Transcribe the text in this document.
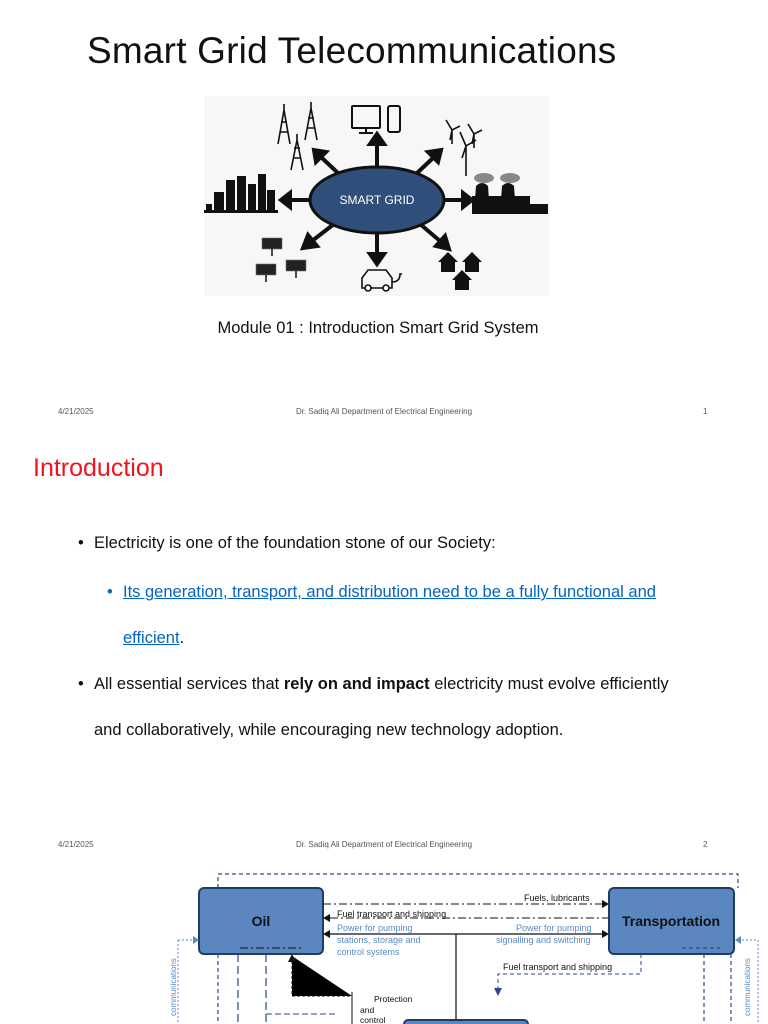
Smart Grid Telecommunications
SMART GRID
Module 01 : Introduction Smart Grid System
4/21/2025	Dr. Sadiq Ali Department of Electrical Engineering	1
Introduction
• Electricity is one of the foundation stone of our Society:
• Its generation, transport, and distribution need to be a fully functional and
efficient.
• All essential services that rely on and impact electricity must evolve efficiently
and collaboratively, while encouraging new technology adoption.
4/21/2025	Dr. Sadiq Ali Department of Electrical Engineering	2
Oil	Transportation
Fuels, lubricants
Fuel transport and shipping
Power for pumping
stations, storage and
control systems
Power for pumping
signalling and switching
Fuel transport and shipping
Protection
and
control
communications	communications
